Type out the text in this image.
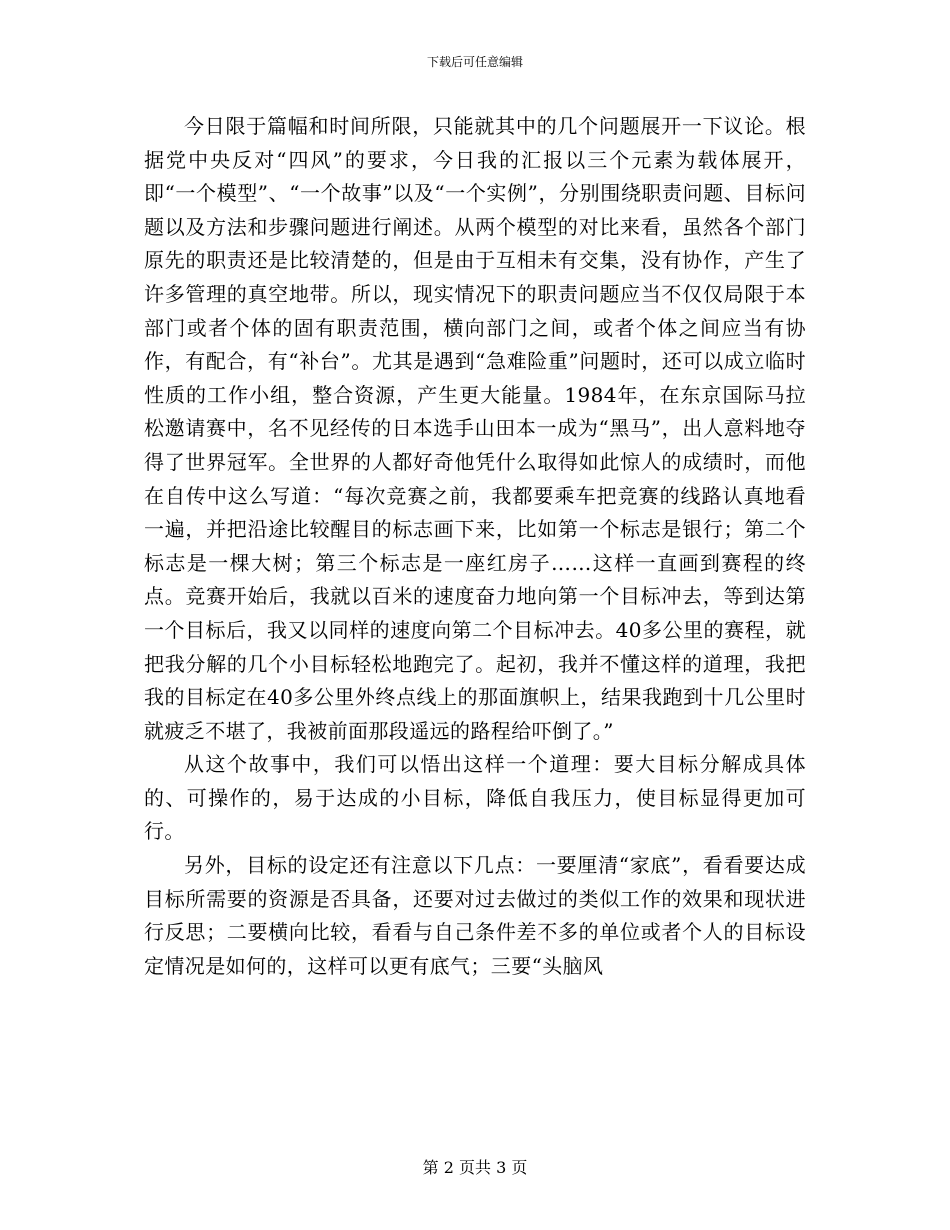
下载后可任意编辑

今日限于篇幅和时间所限，只能就其中的几个问题展开一下议论。根据党中央反对“四风”的要求，今日我的汇报以三个元素为载体展开，即“一个模型”、“一个故事”以及“一个实例”，分别围绕职责问题、目标问题以及方法和步骤问题进行阐述。从两个模型的对比来看，虽然各个部门原先的职责还是比较清楚的，但是由于互相未有交集，没有协作，产生了许多管理的真空地带。所以，现实情况下的职责问题应当不仅仅局限于本部门或者个体的固有职责范围，横向部门之间，或者个体之间应当有协作，有配合，有“补台”。尤其是遇到“急难险重”问题时，还可以成立临时性质的工作小组，整合资源，产生更大能量。1984年，在东京国际马拉松邀请赛中，名不见经传的日本选手山田本一成为“黑马”，出人意料地夺得了世界冠军。全世界的人都好奇他凭什么取得如此惊人的成绩时，而他在自传中这么写道：“每次竞赛之前，我都要乘车把竞赛的线路认真地看一遍，并把沿途比较醒目的标志画下来，比如第一个标志是银行；第二个标志是一棵大树；第三个标志是一座红房子……这样一直画到赛程的终点。竞赛开始后，我就以百米的速度奋力地向第一个目标冲去，等到达第一个目标后，我又以同样的速度向第二个目标冲去。40多公里的赛程，就把我分解的几个小目标轻松地跑完了。起初，我并不懂这样的道理，我把我的目标定在40多公里外终点线上的那面旗帜上，结果我跑到十几公里时就疲乏不堪了，我被前面那段遥远的路程给吓倒了。”

从这个故事中，我们可以悟出这样一个道理：要大目标分解成具体的、可操作的，易于达成的小目标，降低自我压力，使目标显得更加可行。

另外，目标的设定还有注意以下几点：一要厘清“家底”，看看要达成目标所需要的资源是否具备，还要对过去做过的类似工作的效果和现状进行反思；二要横向比较，看看与自己条件差不多的单位或者个人的目标设定情况是如何的，这样可以更有底气；三要“头脑风

第 2 页共 3 页
